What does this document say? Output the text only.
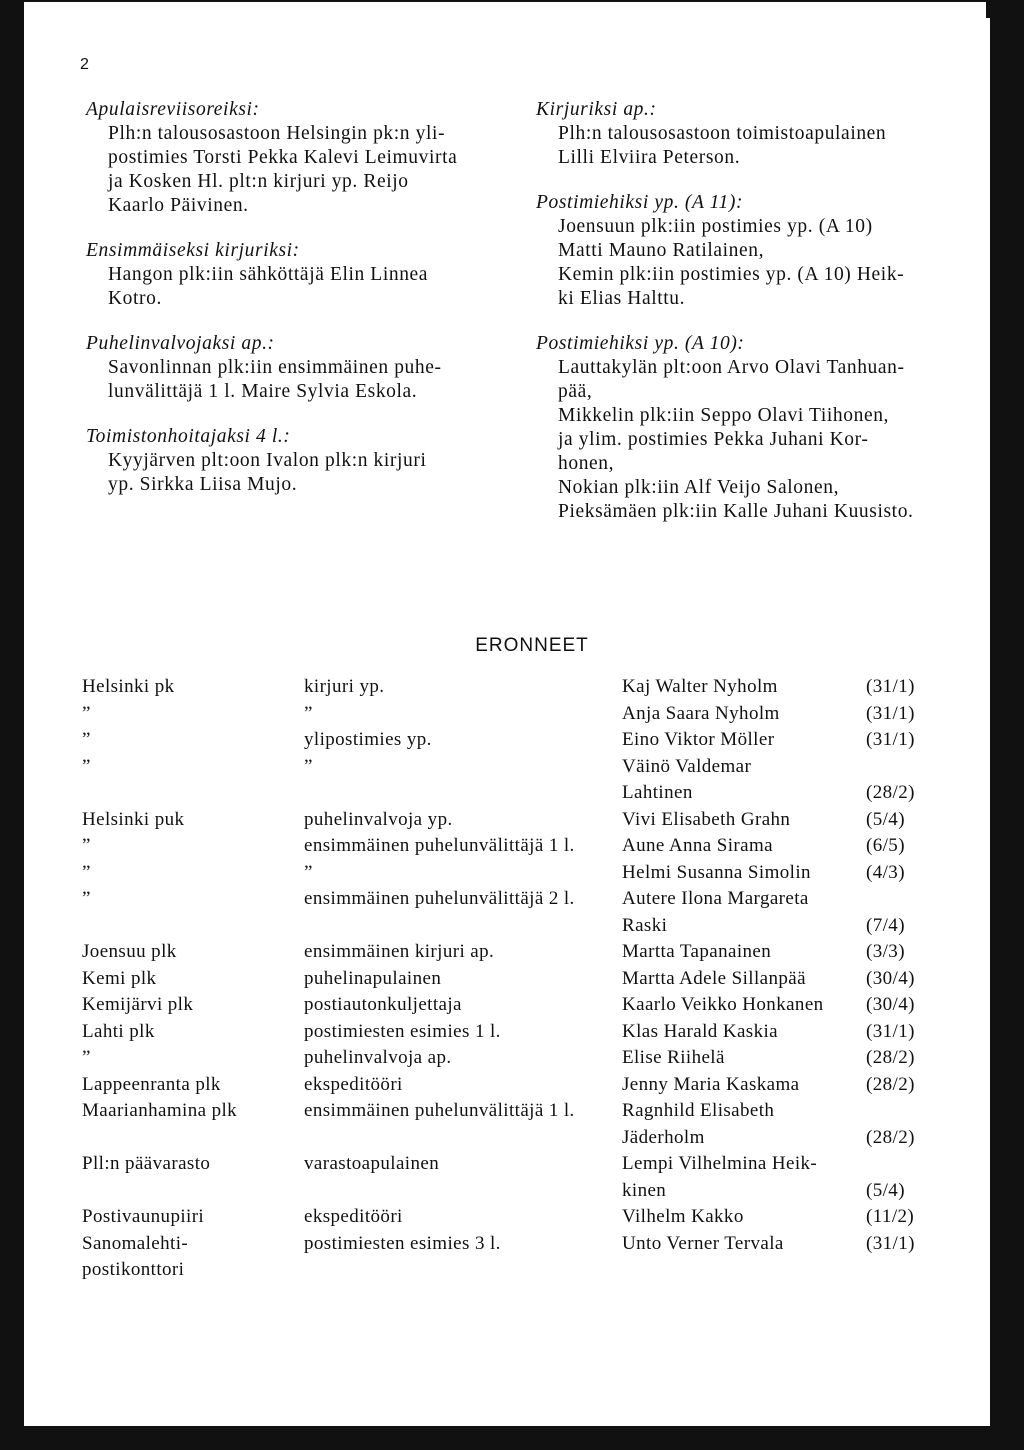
2
Apulaisreviisoreiksi:
Plh:n talousosastoon Helsingin pk:n yli-
postimies Torsti Pekka Kalevi Leimuvirta
ja Kosken Hl. plt:n kirjuri yp. Reijo
Kaarlo Päivinen.
Ensimmäiseksi kirjuriksi:
Hangon plk:iin sähköttäjä Elin Linnea
Kotro.
Puhelinvalvojaksi ap.:
Savonlinnan plk:iin ensimmäinen puhe-
lunvälittäjä 1 l. Maire Sylvia Eskola.
Toimistonhoitajaksi 4 l.:
Kyyjärven plt:oon Ivalon plk:n kirjuri
yp. Sirkka Liisa Mujo.
Kirjuriksi ap.:
Plh:n talousosastoon toimistoapulainen
Lilli Elviira Peterson.
Postimiehiksi yp. (A 11):
Joensuun plk:iin postimies yp. (A 10)
Matti Mauno Ratilainen,
Kemin plk:iin postimies yp. (A 10) Heik-
ki Elias Halttu.
Postimiehiksi yp. (A 10):
Lauttakylän plt:oon Arvo Olavi Tanhuan-
pää,
Mikkelin plk:iin Seppo Olavi Tiihonen,
ja ylim. postimies Pekka Juhani Kor-
honen,
Nokian plk:iin Alf Veijo Salonen,
Pieksämäen plk:iin Kalle Juhani Kuusisto.
ERONNEET
Helsinki pk	kirjuri yp.	Kaj Walter Nyholm	(31/1)
”	”	Anja Saara Nyholm	(31/1)
”	ylipostimies yp.	Eino Viktor Möller	(31/1)
”	”	Väinö Valdemar	
		Lahtinen	(28/2)
Helsinki puk	puhelinvalvoja yp.	Vivi Elisabeth Grahn	(5/4)
”	ensimmäinen puhelunvälittäjä 1 l.	Aune Anna Sirama	(6/5)
”	”	Helmi Susanna Simolin	(4/3)
”	ensimmäinen puhelunvälittäjä 2 l.	Autere Ilona Margareta	
		Raski	(7/4)
Joensuu plk	ensimmäinen kirjuri ap.	Martta Tapanainen	(3/3)
Kemi plk	puhelinapulainen	Martta Adele Sillanpää	(30/4)
Kemijärvi plk	postiautonkuljettaja	Kaarlo Veikko Honkanen	(30/4)
Lahti plk	postimiesten esimies 1 l.	Klas Harald Kaskia	(31/1)
”	puhelinvalvoja ap.	Elise Riihelä	(28/2)
Lappeenranta plk	ekspeditööri	Jenny Maria Kaskama	(28/2)
Maarianhamina plk	ensimmäinen puhelunvälittäjä 1 l.	Ragnhild Elisabeth	
		Jäderholm	(28/2)
Pll:n päävarasto	varastoapulainen	Lempi Vilhelmina Heik-	
		kinen	(5/4)
Postivaunupiiri	ekspeditööri	Vilhelm Kakko	(11/2)
Sanomalehti-	postimiesten esimies 3 l.	Unto Verner Tervala	(31/1)
postikonttori			
